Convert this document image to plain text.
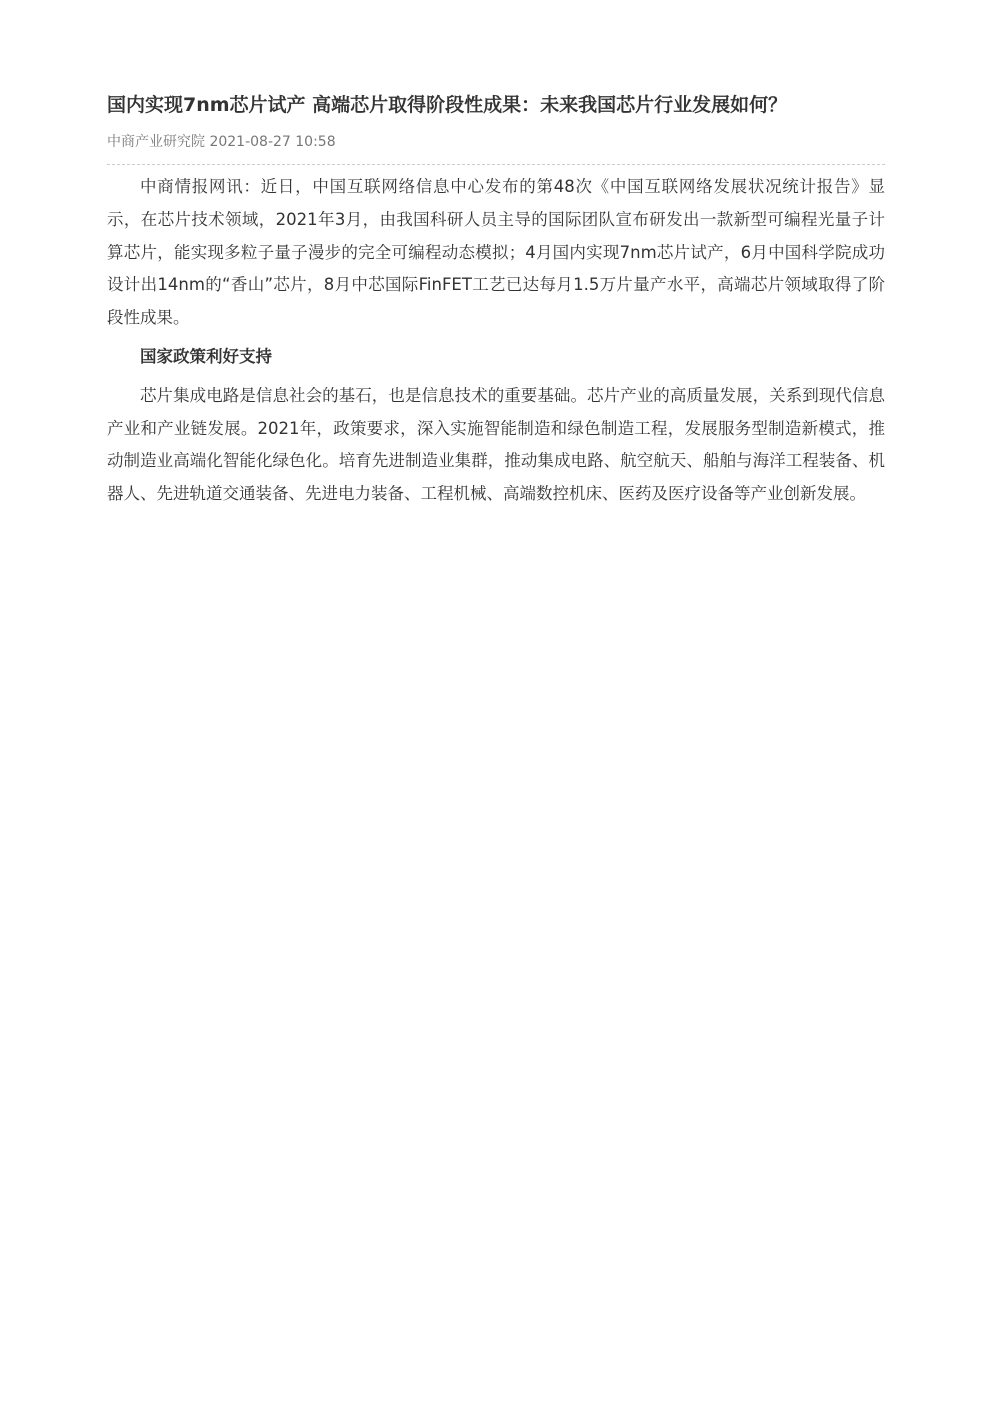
国内实现7nm芯片试产 高端芯片取得阶段性成果：未来我国芯片行业发展如何？
中商产业研究院 2021-08-27 10:58

中商情报网讯：近日，中国互联网络信息中心发布的第48次《中国互联网络发展状况统计报告》显示，在芯片技术领域，2021年3月，由我国科研人员主导的国际团队宣布研发出一款新型可编程光量子计算芯片，能实现多粒子量子漫步的完全可编程动态模拟；4月国内实现7nm芯片试产，6月中国科学院成功设计出14nm的“香山”芯片，8月中芯国际FinFET工艺已达每月1.5万片量产水平，高端芯片领域取得了阶段性成果。

国家政策利好支持

芯片集成电路是信息社会的基石，也是信息技术的重要基础。芯片产业的高质量发展，关系到现代信息产业和产业链发展。2021年，政策要求，深入实施智能制造和绿色制造工程，发展服务型制造新模式，推动制造业高端化智能化绿色化。培育先进制造业集群，推动集成电路、航空航天、船舶与海洋工程装备、机器人、先进轨道交通装备、先进电力装备、工程机械、高端数控机床、医药及医疗设备等产业创新发展。
